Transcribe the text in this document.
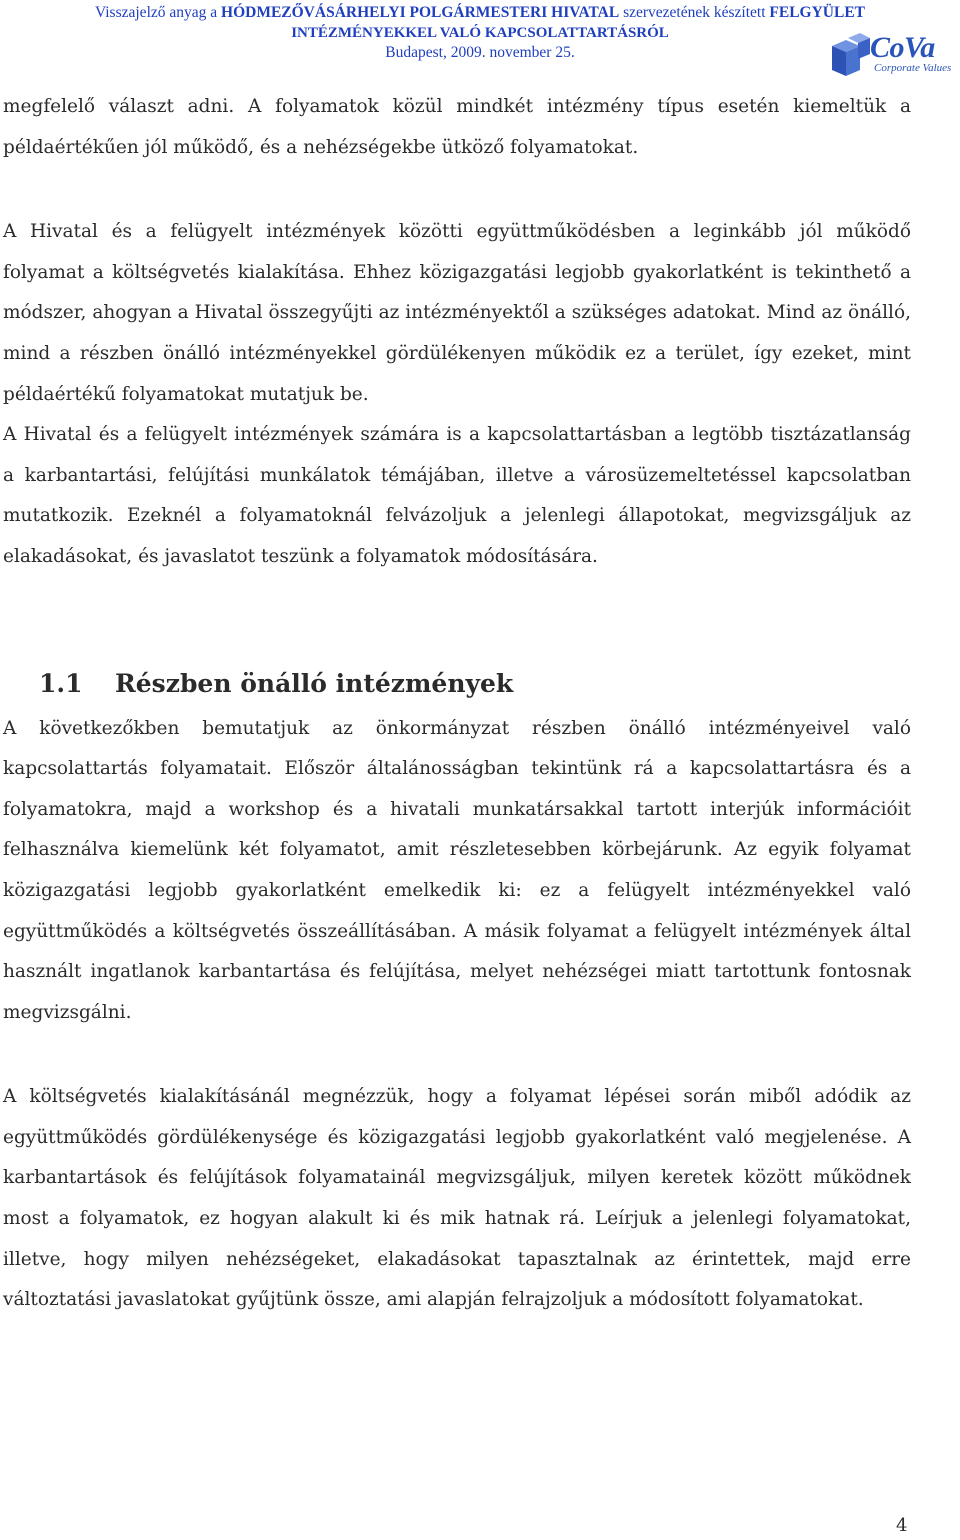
Visszajelző anyag a HÓDMEZŐVÁSÁRHELYI POLGÁRMESTERI HIVATAL szervezetének készített FELGYÜLET
INTÉZMÉNYEKKEL VALÓ KAPCSOLATTARTÁSRÓL
Budapest, 2009. november 25.	CoVa
Corporate Values

megfelelő választ adni. A folyamatok közül mindkét intézmény típus esetén kiemeltük a példaértékűen jól működő, és a nehézségekbe ütköző folyamatokat.

A Hivatal és a felügyelt intézmények közötti együttműködésben a leginkább jól működő folyamat a költségvetés kialakítása. Ehhez közigazgatási legjobb gyakorlatként is tekinthető a módszer, ahogyan a Hivatal összegyűjti az intézményektől a szükséges adatokat. Mind az önálló, mind a részben önálló intézményekkel gördülékenyen működik ez a terület, így ezeket, mint példaértékű folyamatokat mutatjuk be.

A Hivatal és a felügyelt intézmények számára is a kapcsolattartásban a legtöbb tisztázatlanság a karbantartási, felújítási munkálatok témájában, illetve a városüzemeltetéssel kapcsolatban mutatkozik. Ezeknél a folyamatoknál felvázoljuk a jelenlegi állapotokat, megvizsgáljuk az elakadásokat, és javaslatot teszünk a folyamatok módosítására.

1.1 Részben önálló intézmények

A következőkben bemutatjuk az önkormányzat részben önálló intézményeivel való kapcsolattartás folyamatait. Először általánosságban tekintünk rá a kapcsolattartásra és a folyamatokra, majd a workshop és a hivatali munkatársakkal tartott interjúk információit felhasználva kiemelünk két folyamatot, amit részletesebben körbejárunk. Az egyik folyamat közigazgatási legjobb gyakorlatként emelkedik ki: ez a felügyelt intézményekkel való együttműködés a költségvetés összeállításában. A másik folyamat a felügyelt intézmények által használt ingatlanok karbantartása és felújítása, melyet nehézségei miatt tartottunk fontosnak megvizsgálni.

A költségvetés kialakításánál megnézzük, hogy a folyamat lépései során miből adódik az együttműködés gördülékenysége és közigazgatási legjobb gyakorlatként való megjelenése. A karbantartások és felújítások folyamatainál megvizsgáljuk, milyen keretek között működnek most a folyamatok, ez hogyan alakult ki és mik hatnak rá. Leírjuk a jelenlegi folyamatokat, illetve, hogy milyen nehézségeket, elakadásokat tapasztalnak az érintettek, majd erre változtatási javaslatokat gyűjtünk össze, ami alapján felrajzoljuk a módosított folyamatokat.

4
